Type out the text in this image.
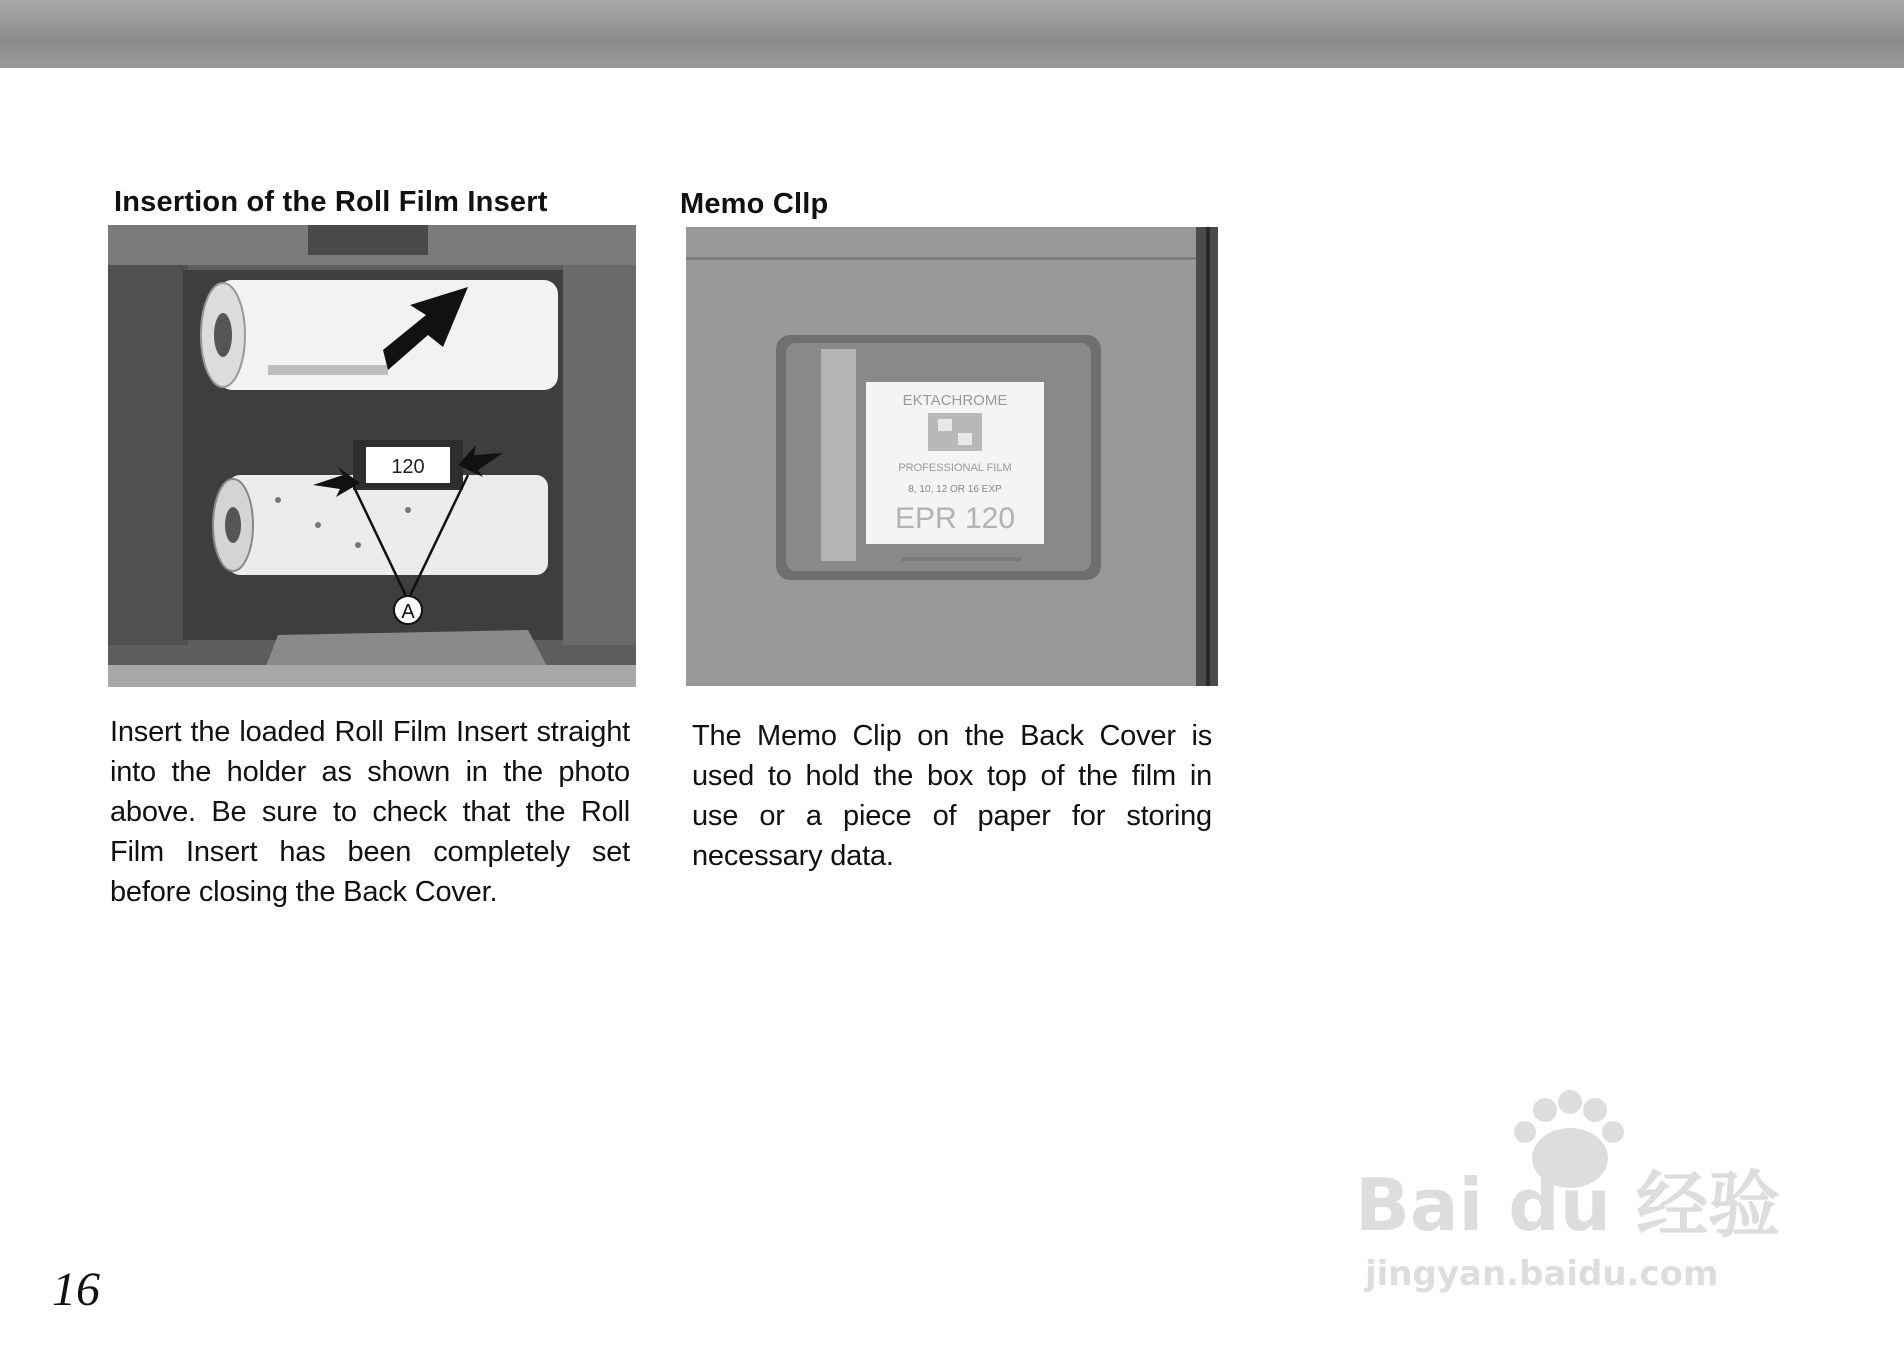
Insertion of the Roll Film Insert	Memo Cllp
120
A
EKTACHROME
PROFESSIONAL FILM
8, 10, 12 OR 16 EXP
EPR 120
Insert the loaded Roll Film Insert straight into the holder as shown in the photo above. Be sure to check that the Roll Film Insert has been completely set before closing the Back Cover.
The Memo Clip on the Back Cover is used to hold the box top of the film in use or a piece of paper for storing necessary data.
16
Bai du 经验
jingyan.baidu.com
